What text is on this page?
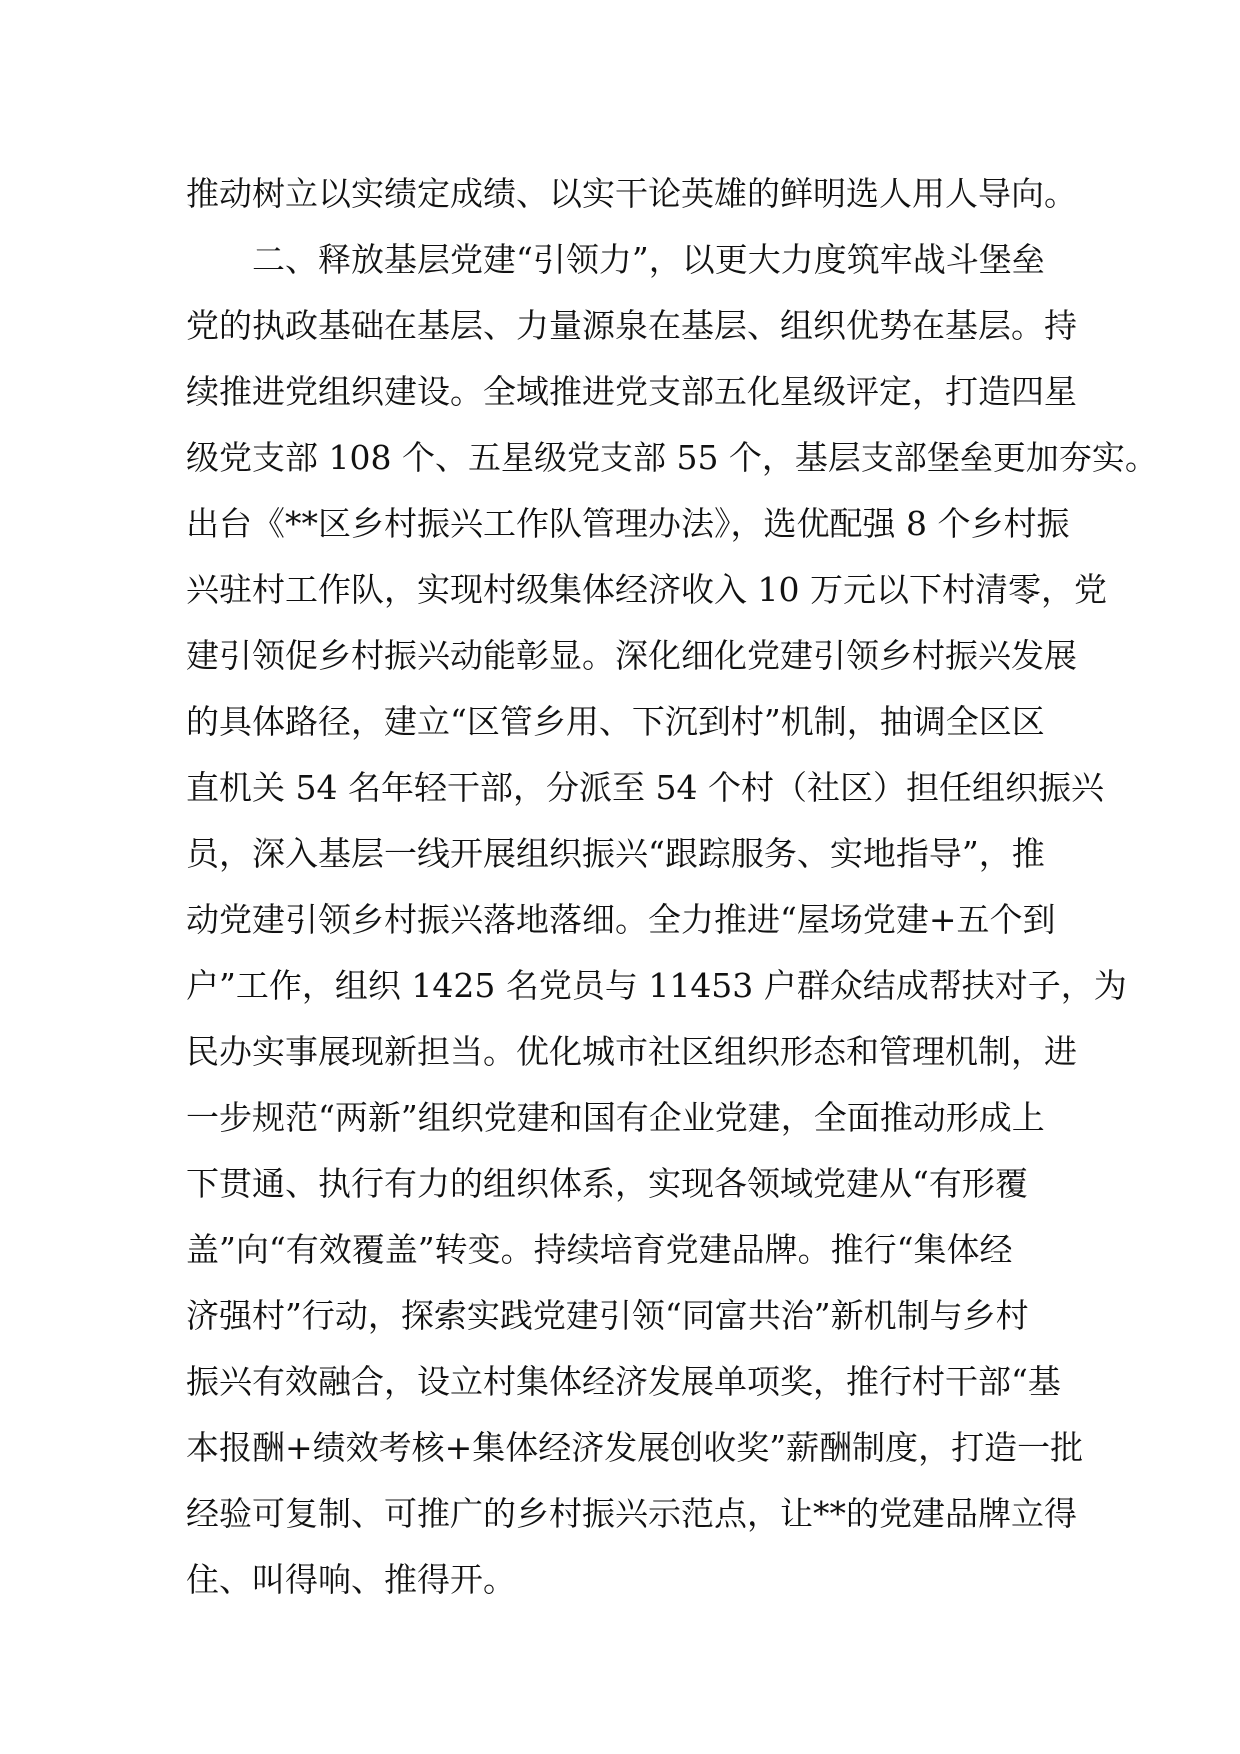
推动树立以实绩定成绩、以实干论英雄的鲜明选人用人导向。
二、释放基层党建“引领力”，以更大力度筑牢战斗堡垒
党的执政基础在基层、力量源泉在基层、组织优势在基层。持
续推进党组织建设。全域推进党支部五化星级评定，打造四星
级党支部 108 个、五星级党支部 55 个，基层支部堡垒更加夯实。
出台《**区乡村振兴工作队管理办法》，选优配强 8 个乡村振
兴驻村工作队，实现村级集体经济收入 10 万元以下村清零，党
建引领促乡村振兴动能彰显。深化细化党建引领乡村振兴发展
的具体路径，建立“区管乡用、下沉到村”机制，抽调全区区
直机关 54 名年轻干部，分派至 54 个村（社区）担任组织振兴
员，深入基层一线开展组织振兴“跟踪服务、实地指导”，推
动党建引领乡村振兴落地落细。全力推进“屋场党建+五个到
户”工作，组织 1425 名党员与 11453 户群众结成帮扶对子，为
民办实事展现新担当。优化城市社区组织形态和管理机制，进
一步规范“两新”组织党建和国有企业党建，全面推动形成上
下贯通、执行有力的组织体系，实现各领域党建从“有形覆
盖”向“有效覆盖”转变。持续培育党建品牌。推行“集体经
济强村”行动，探索实践党建引领“同富共治”新机制与乡村
振兴有效融合，设立村集体经济发展单项奖，推行村干部“基
本报酬+绩效考核+集体经济发展创收奖”薪酬制度，打造一批
经验可复制、可推广的乡村振兴示范点，让**的党建品牌立得
住、叫得响、推得开。
